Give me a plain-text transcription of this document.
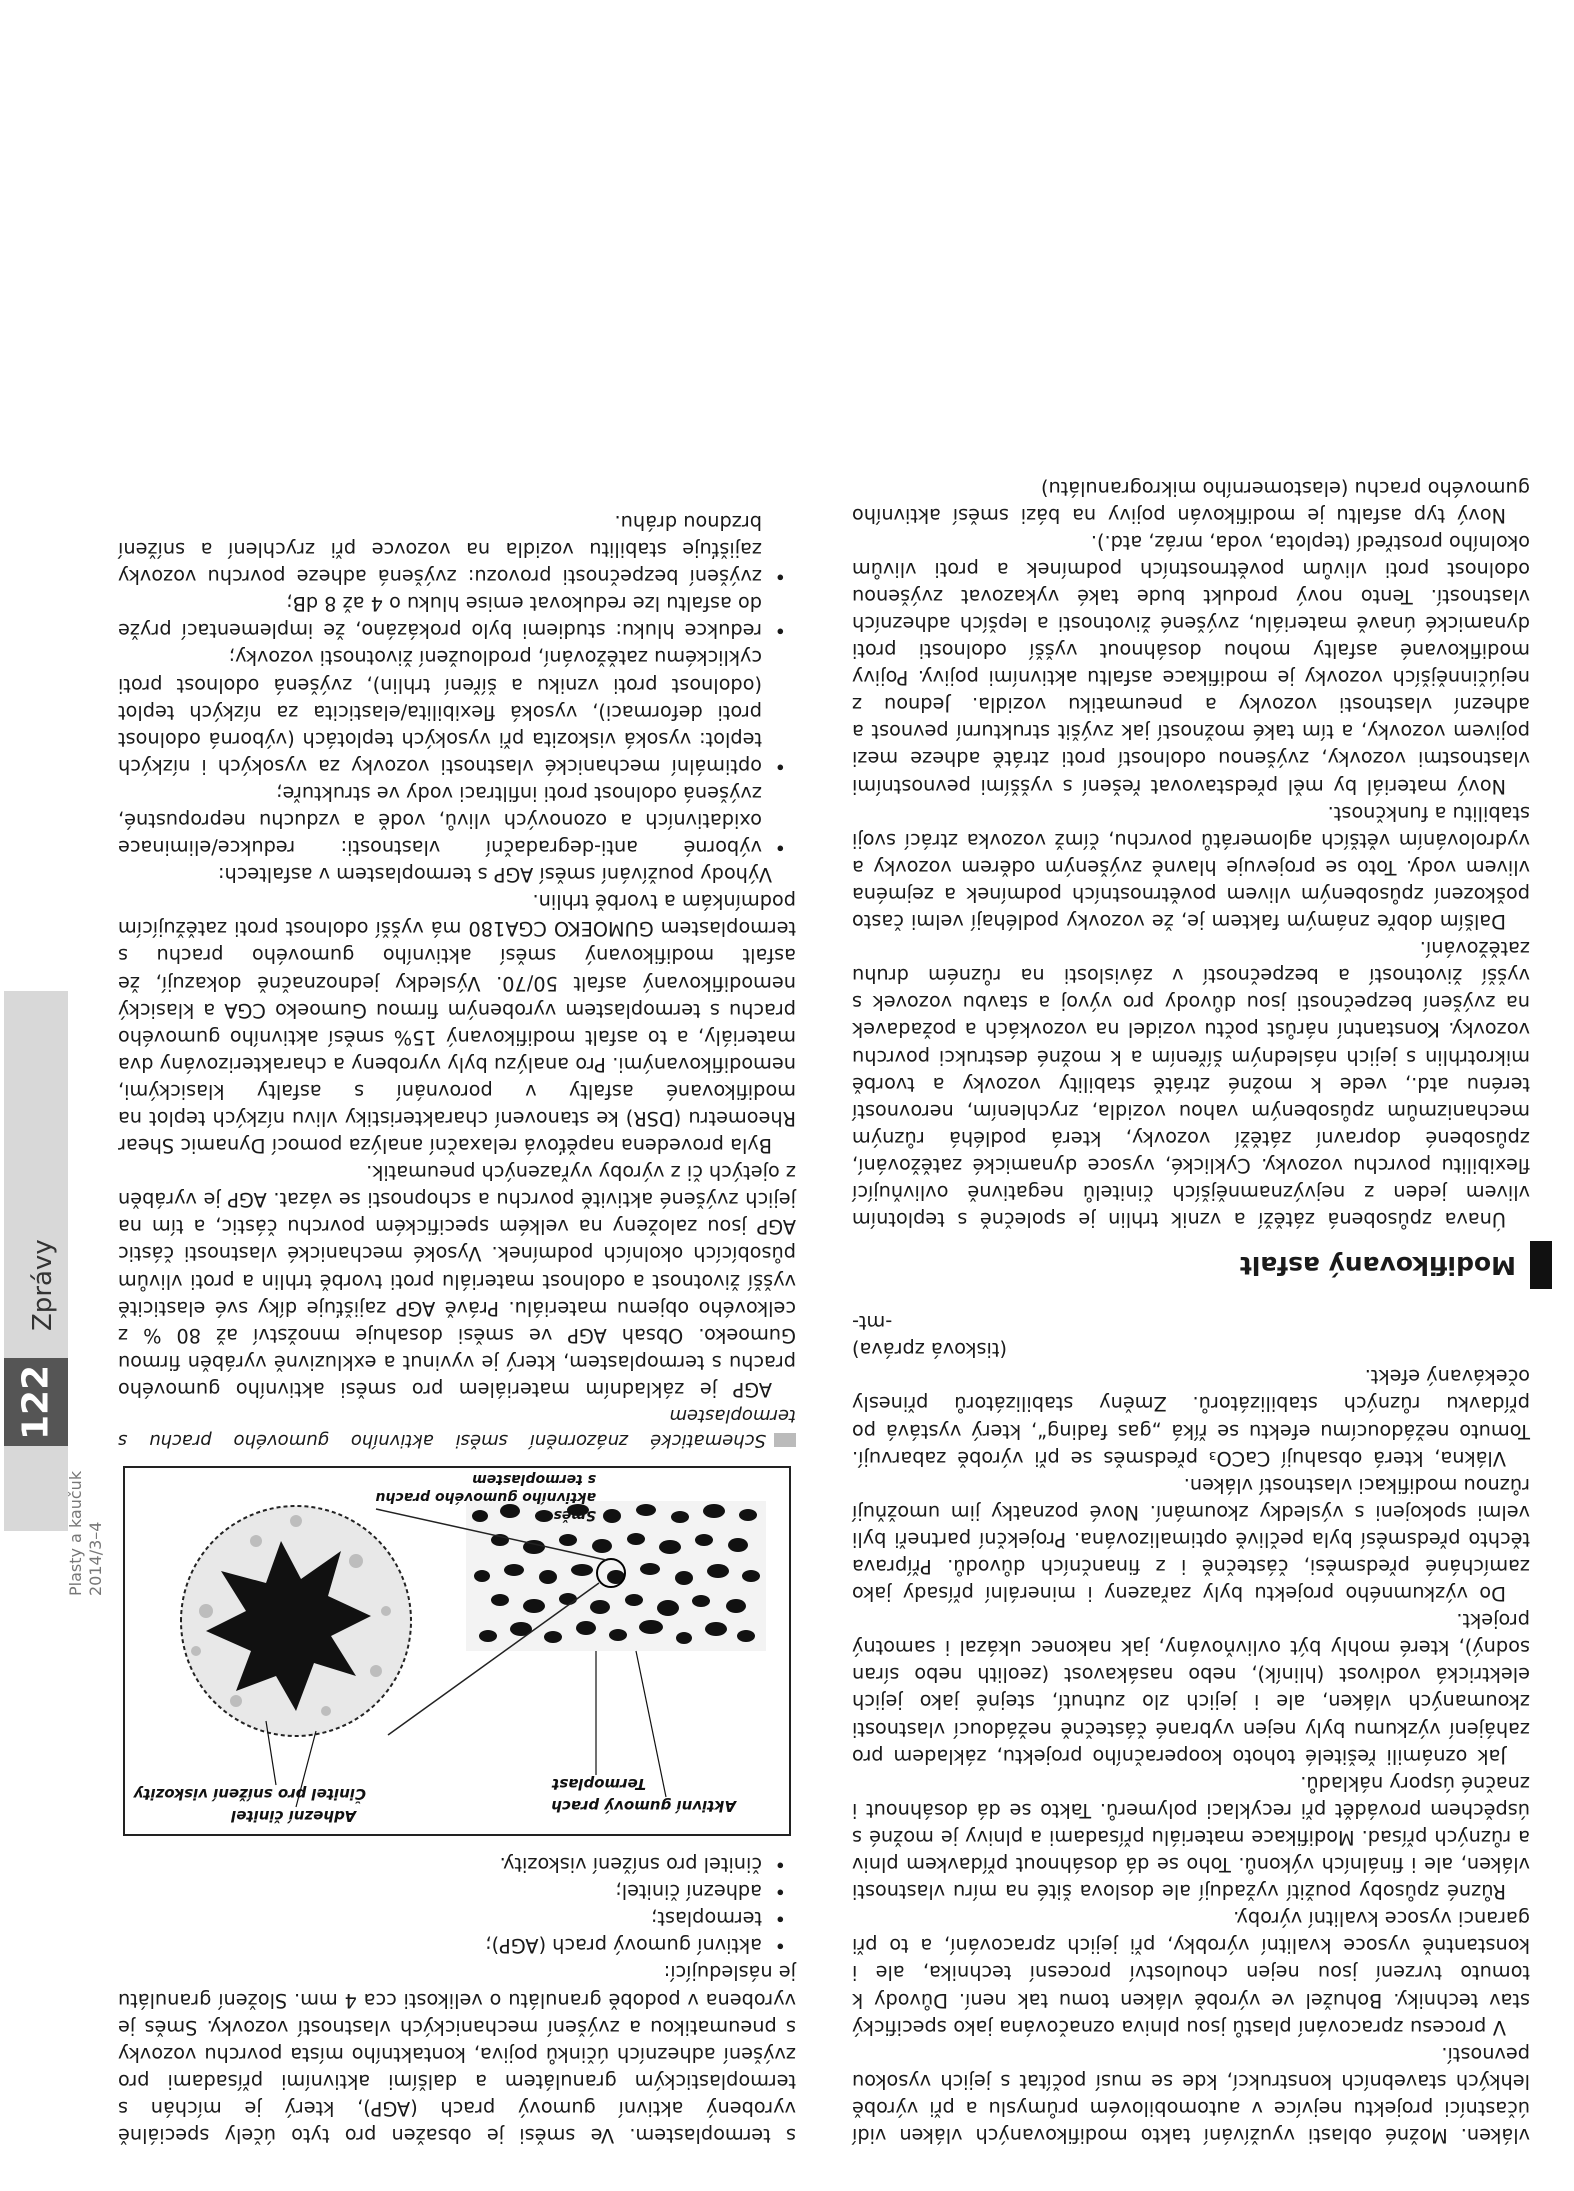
122
Zprávy
Plasty a kaučuk 2014/3–4

vláken. Možné oblasti využívání takto modifikovaných vláken vidí účastníci projektu nejvíce v automobilovém průmyslu a při výrobě lehkých stavebních konstrukcí, kde se musí počítat s jejich vysokou pevností.

V procesu zpracování plastů jsou plniva označována jako specifický stav techniky. Bohužel ve výrobě vláken tomu tak není. Důvody k tomuto tvrzení jsou nejen chouloství procesní technika, ale i konstantně vysoce kvalitní výrobky, při jejich zpracování, a to při garanci vysoce kvalitní výroby.

Různé způsoby použití vyžadují ale doslova šité na míru vlastnosti vláken, ale i finálních výkonů. Toho se dá dosáhnout přídavkem plniv a různých přísad. Modifikace materiálu přísadami a plnivy je možné s úspěchem provádět při recyklaci polymerů. Takto se dá dosáhnout i značné úspory nákladů.

Jak oznámili řešitelé tohoto kooperačního projektu, základem pro zahájení výzkumu byly nejen vybrané částečně nežádoucí vlastnosti zkoumaných vláken, ale i jejich zlo zutnutí, stejně jako jejich elektrická vodivost (hliník), nebo nasákavost (zeolith nebo síran sodný), které mohly být ovlivňovány, jak nakonec ukázal i samotný projekt.

Do výzkumného projektu byly zařazeny i minerální přísady jako zamícháné předsměsi, částečně i z finančních důvodů. Příprava těchto předsměsí byla pečlivě optimalizována. Projekční partneři byli velmi spokojeni s výsledky zkoumání. Nové poznatky jim umožňují různou modifikaci vlastností vláken.

Vlákna, která obsahují CaCO₃ předsměs se při výrobě zabarvují. Tomuto nežádoucímu efektu se říká „gas fading“, který vystává po přídavku různých stabilizátorů. Změny stabilizátorů přinesly očekávaný efekt.

(tisková zpráva)

-mt-

Modifikovaný asfalt

Únava způsobená zátěží a vznik trhlin je společně s teplotním vlivem jeden z nejvýznamnějších činitelů negativně ovlivňující flexibilitu povrchu vozovky. Cyklické, vysoce dynamické zatěžování, způsobené dopravní zátěží vozovky, která podléhá různým mechanizmům způsobeným vahou vozidla, zrychlením, nerovností terénu atd., vede k možné ztrátě stability vozovky a tvorbě mikrotrhlin s jejich následným šířením a k možné destrukci povrchu vozovky. Konstantní nárůst počtu vozidel na vozovkách a požadavek na zvýšení bezpečnosti jsou důvody pro vývoj a stavbu vozovek s vyšší životností a bezpečností v závislosti na různém druhu zatěžování.

Dalším dobře známým faktem je, že vozovky podléhají velmi často poškození způsobeným vlivem povětrnostních podmínek a zejména vlivem vody. Toto se projevuje hlavně zvýšeným oděrem vozovky a vydrolováním větších aglomerátů povrchu, čímž vozovka ztrácí svoji stabilitu a funkčnost.

Nový materiál by měl představovat řešení s vyššími pevnostními vlastnostmi vozovky, zvýšenou odolností proti ztrátě adheze mezi pojivem vozovky, a tím také možností jak zvýšit strukturní pevnost a adhezní vlastnosti vozovky a pneumatiku vozidla. Jednou z nejúčinnějších vozovky je modifikace asfaltu aktivními pojivy. Pojivy modifikované asfalty mohou dosáhnout vyšší odolnosti proti dynamické únavě materiálu, zvýšené životnosti a lepších adhezních vlastností. Tento nový produkt bude také vykazovat zvýšenou odolnost proti vlivům povětrnostních podmínek a proti vlivům okolního prostředí (teplota, voda, mráz, atd.).

Nový typ asfaltu je modifikován pojivy na bázi směsí aktivního gumového prachu (elastomerního mikrogranulátu)

s termoplastem. Ve směsi je obsažen pro tyto účely speciálně vyrobený aktivní gumový prach (AGP), který je míchán s termoplastickým granulátem a dalšími aktivními přísadami pro zvýšení adhezních účinků pojiva, kontaktního místa povrchu vozovky s pneumatikou a zvýšení mechanických vlastností vozovky. Směs je vyrobena v podobě granulátu o velikosti cca 4 mm. Složení granulátu je následující:

• aktivní gumový prach (AGP);
• termoplast;
• adhezní činitel;
• činitel pro snížení viskozity.
Aktivní gumový prach
Termoplast
Adhezní činitel
Činitel pro snížení viskozity
Směs
aktivního gumového prachu
s termoplastem

Schematické znázornění směsi aktivního gumového prachu s termoplastem

AGP je základním materiálem pro směsi aktivního gumového prachu s termoplastem, který je vyvinut a exkluzivně vyráběn firmou Gumoeko. Obsah AGP ve směsi dosahuje množství až 80 % z celkového objemu materiálu. Právě AGP zajišťuje díky své elasticitě vyšší životnost a odolnost materiálu proti tvorbě trhlin a proti vlivům působících okolních podmínek. Vysoké mechanické vlastnosti částic AGP jsou založeny na velkém specifickém povrchu částic, a tím na jejich zvýšené aktivitě povrchu a schopnosti se vázat. AGP je vyráběn z ojetých či z výroby vyřazených pneumatik.

Byla provedena napěťová relaxační analýza pomocí Dynamic Shear Rheometru (DSR) ke stanovení charakteristiky vlivu nízkých teplot na modifikované asfalty v porovnání s asfalty klasickými, nemodifikovanými. Pro analýzu byly vyrobeny a charakterizovány dva materiály, a to asfalt modifikovaný 15% směsí aktivního gumového prachu s termoplastem vyrobeným firmou Gumoeko CGA a klasický nemodifikovaný asfalt 50/70. Výsledky jednoznačně dokazují, že asfalt modifikovaný směsí aktivního gumového prachu s termoplastem GUMOEKO CGA180 má vyšší odolnost proti zatěžujícím podmínkám a tvorbě trhlin.

Výhody používání směsí AGP s termoplastem v asfaltech:

• výborné anti-degradační vlastnosti: redukce/eliminace oxidativních a ozonových vlivů, vodě a vzduchu nepropustné, zvýšená odolnost proti infiltraci vody ve struktuře;
• optimální mechanické vlastnosti vozovky za vysokých i nízkých teplot: vysoká viskozita při vysokých teplotách (výborná odolnost proti deformaci), vysoká flexibilita/elasticita za nízkých teplot (odolnost proti vzniku a šíření trhlin), zvýšená odolnost proti cyklickému zatěžování, prodloužení životnosti vozovky;
• redukce hluku: studiemi bylo prokázáno, že implementací pryže do asfaltu lze redukovat emise hluku o 4 až 8 dB;
• zvýšení bezpečnosti provozu: zvýšená adheze povrchu vozovky zajišťuje stabilitu vozidla na vozovce při zrychlení a snížení brzdnou dráhu.
